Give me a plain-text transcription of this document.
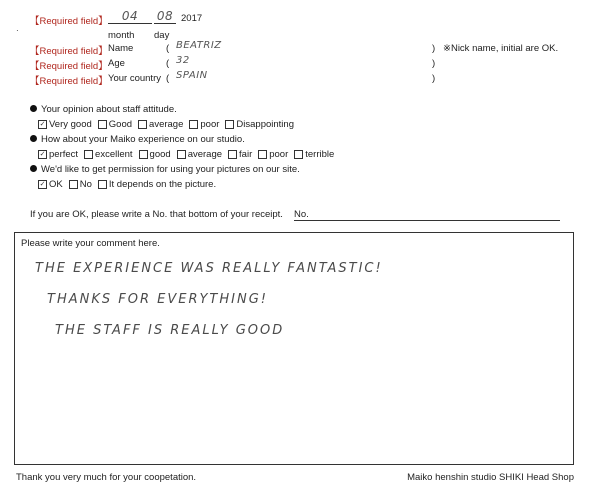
【Required field】	04	08 2017
month day
·
【Required field】 Name	( BEATRIZ	) ※Nick name, initial are OK.
【Required field】 Age	( 32	)
【Required field】 Your country ( SPAIN	)
Your opinion about staff attitude.
✓ Very good Good average poor Disappointing
How about your Maiko experience on our studio.
✓ perfect excellent good average fair poor terrible
We'd like to get permission for using your pictures on our site.
✓ OK No It depends on the picture.
If you are OK, please write a No. that bottom of your receipt. No.
Please write your comment here.
THE EXPERIENCE WAS REALLY FANTASTIC!
THANKS FOR EVERYTHING!
THE STAFF IS REALLY GOOD
Thank you very much for your coopetation.	Maiko henshin studio SHIKI Head Shop
